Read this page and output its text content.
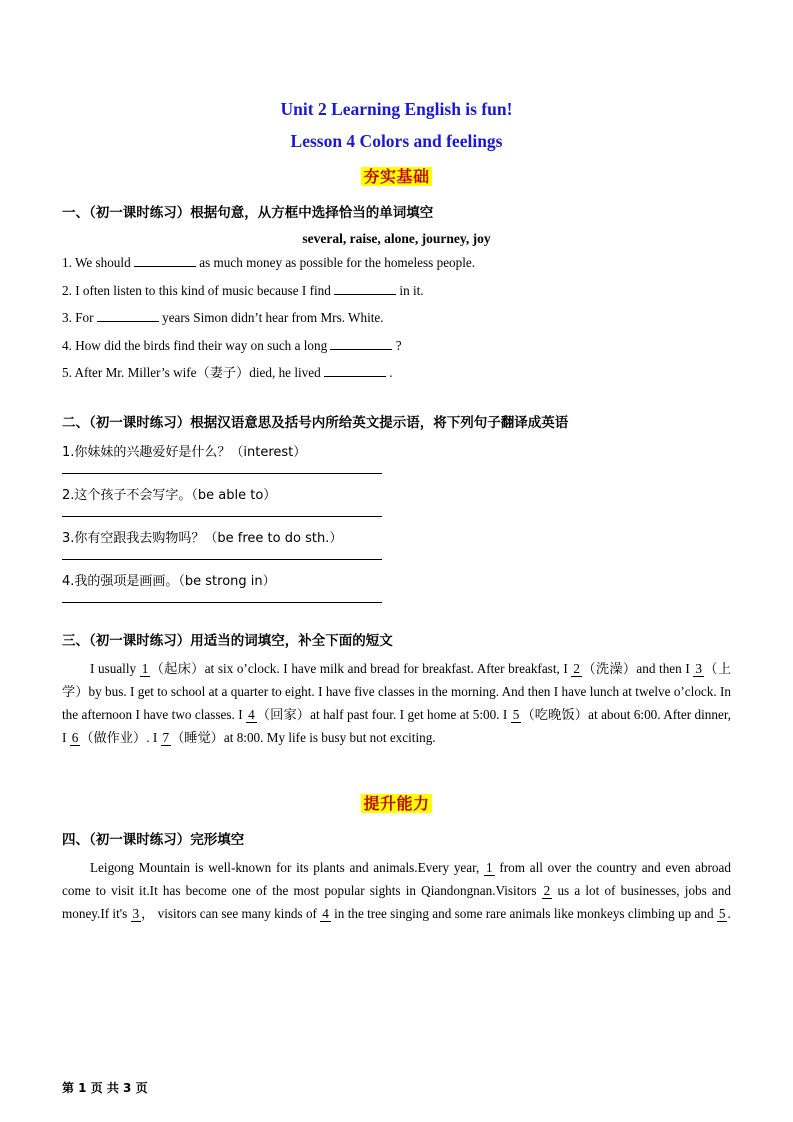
Unit 2 Learning English is fun!
Lesson 4 Colors and feelings
夯实基础
一、（初一课时练习）根据句意，从方框中选择恰当的单词填空
several, raise, alone, journey, joy
1. We should	as much money as possible for the homeless people.
2. I often listen to this kind of music because I find	in it.
3. For	years Simon didn’t hear from Mrs. White.
4. How did the birds find their way on such a long	?
5. After Mr. Miller’s wife（妻子）died, he lived	.
二、（初一课时练习）根据汉语意思及括号内所给英文提示语，将下列句子翻译成英语
1.你妹妹的兴趣爱好是什么？（interest）
2.这个孩子不会写字。（be able to）
3.你有空跟我去购物吗？（be free to do sth.）
4.我的强项是画画。（be strong in）
三、（初一课时练习）用适当的词填空，补全下面的短文
I usually 1 （起床）at six o’clock. I have milk and bread for breakfast. After breakfast, I 2 （洗澡）and then I 3 （上学）by bus. I get to school at a quarter to eight. I have five classes in the morning. And then I have lunch at twelve o’clock. In the afternoon I have two classes. I 4 （回家）at half past four. I get home at 5:00. I 5 （吃晚饭）at about 6:00. After dinner, I 6 （做作业）. I 7 （睡觉）at 8:00. My life is busy but not exciting.
提升能力
四、（初一课时练习）完形填空
Leigong Mountain is well-known for its plants and animals.Every year, 1 from all over the country and even abroad come to visit it.It has become one of the most popular sights in Qiandongnan.Visitors 2 us a lot of businesses, jobs and money.If it's 3 ， visitors can see many kinds of 4 in the tree singing and some rare animals like monkeys climbing up and 5 .
第 1 页 共 3 页
